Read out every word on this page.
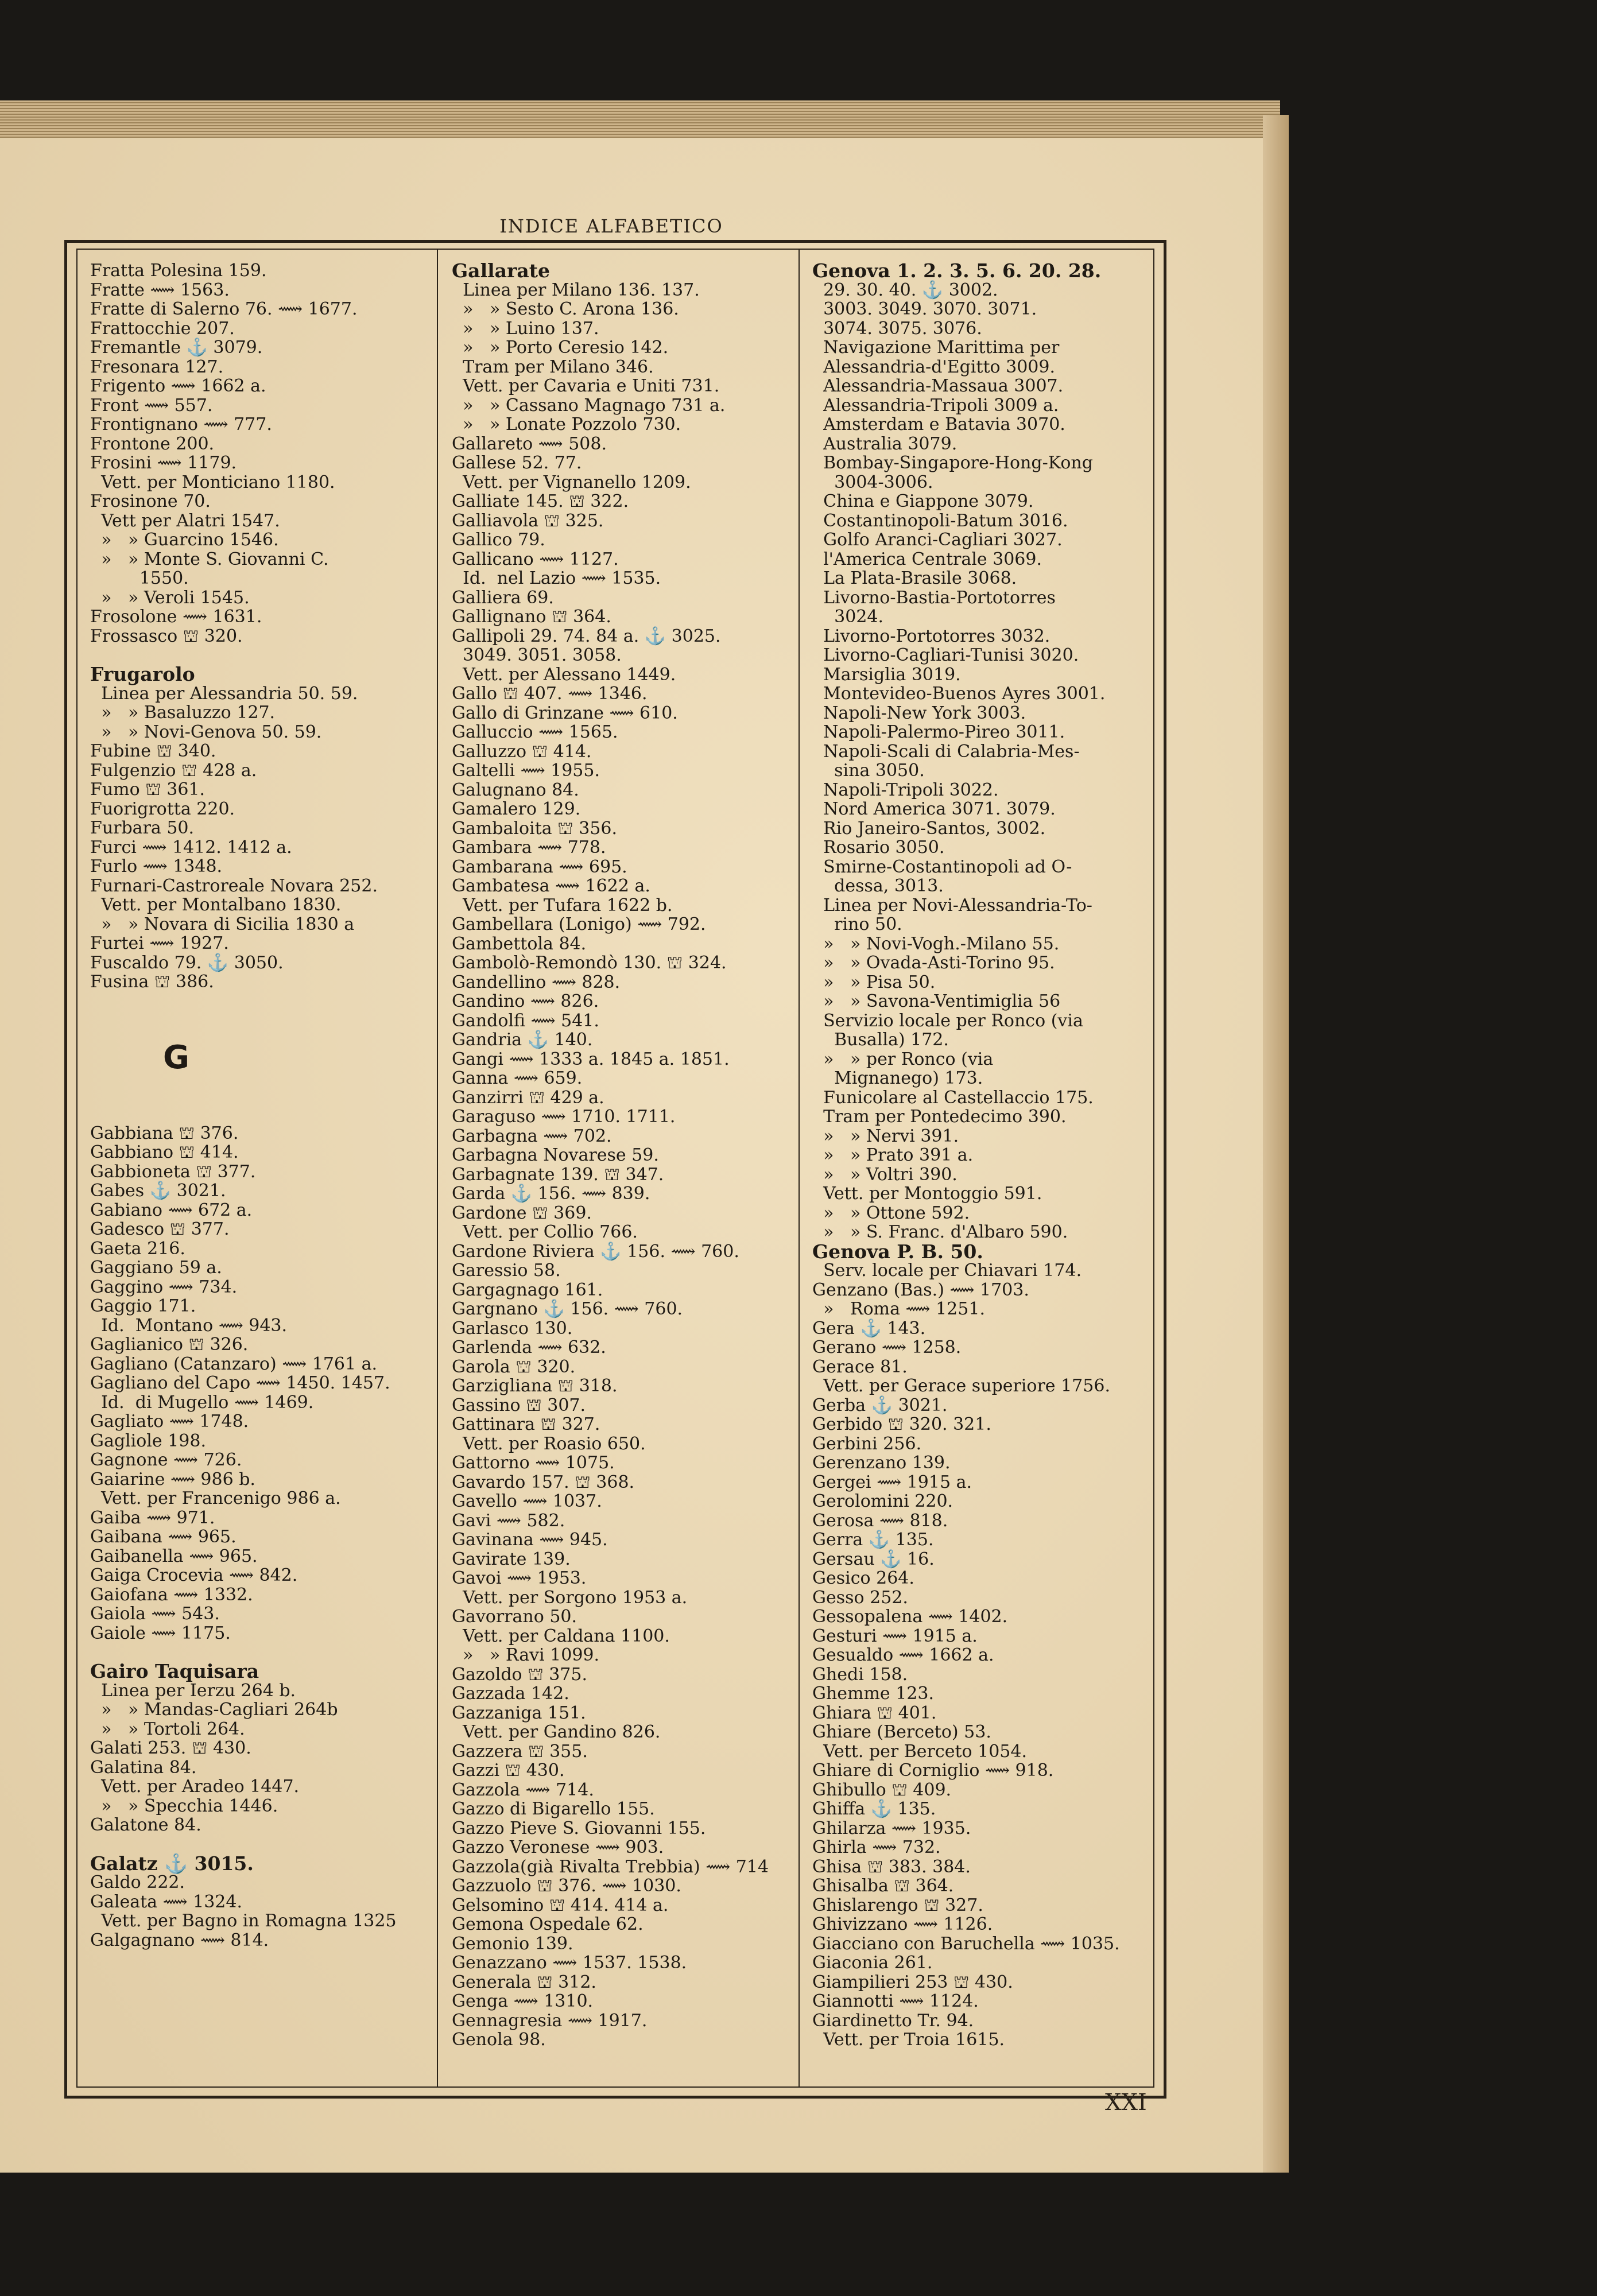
INDICE ALFABETICO
Fratta Polesina 159.
Fratte ⟿ 1563.
Fratte di Salerno 76. ⟿ 1677.
Frattocchie 207.
Fremantle ⚓ 3079.
Fresonara 127.
Frigento ⟿ 1662 a.
Front ⟿ 557.
Frontignano ⟿ 777.
Frontone 200.
Frosini ⟿ 1179.
Vett. per Monticiano 1180.
Frosinone 70.
Vett per Alatri 1547.
»   » Guarcino 1546.
»   » Monte S. Giovanni C.
1550.
»   » Veroli 1545.
Frosolone ⟿ 1631.
Frossasco ⛫ 320.
Frugarolo
Linea per Alessandria 50. 59.
»   » Basaluzzo 127.
»   » Novi-Genova 50. 59.
Fubine ⛫ 340.
Fulgenzio ⛫ 428 a.
Fumo ⛫ 361.
Fuorigrotta 220.
Furbara 50.
Furci ⟿ 1412. 1412 a.
Furlo ⟿ 1348.
Furnari-Castroreale Novara 252.
Vett. per Montalbano 1830.
»   » Novara di Sicilia 1830 a
Furtei ⟿ 1927.
Fuscaldo 79. ⚓ 3050.
Fusina ⛫ 386.
G
Gabbiana ⛫ 376.
Gabbiano ⛫ 414.
Gabbioneta ⛫ 377.
Gabes ⚓ 3021.
Gabiano ⟿ 672 a.
Gadesco ⛫ 377.
Gaeta 216.
Gaggiano 59 a.
Gaggino ⟿ 734.
Gaggio 171.
Id.  Montano ⟿ 943.
Gaglianico ⛫ 326.
Gagliano (Catanzaro) ⟿ 1761 a.
Gagliano del Capo ⟿ 1450. 1457.
Id.  di Mugello ⟿ 1469.
Gagliato ⟿ 1748.
Gagliole 198.
Gagnone ⟿ 726.
Gaiarine ⟿ 986 b.
Vett. per Francenigo 986 a.
Gaiba ⟿ 971.
Gaibana ⟿ 965.
Gaibanella ⟿ 965.
Gaiga Crocevia ⟿ 842.
Gaiofana ⟿ 1332.
Gaiola ⟿ 543.
Gaiole ⟿ 1175.
Gairo Taquisara
Linea per Ierzu 264 b.
»   » Mandas-Cagliari 264b
»   » Tortoli 264.
Galati 253. ⛫ 430.
Galatina 84.
Vett. per Aradeo 1447.
»   » Specchia 1446.
Galatone 84.
Galatz ⚓ 3015.
Galdo 222.
Galeata ⟿ 1324.
Vett. per Bagno in Romagna 1325
Galgagnano ⟿ 814.
Gallarate
Linea per Milano 136. 137.
»   » Sesto C. Arona 136.
»   » Luino 137.
»   » Porto Ceresio 142.
Tram per Milano 346.
Vett. per Cavaria e Uniti 731.
»   » Cassano Magnago 731 a.
»   » Lonate Pozzolo 730.
Gallareto ⟿ 508.
Gallese 52. 77.
Vett. per Vignanello 1209.
Galliate 145. ⛫ 322.
Galliavola ⛫ 325.
Gallico 79.
Gallicano ⟿ 1127.
Id.  nel Lazio ⟿ 1535.
Galliera 69.
Gallignano ⛫ 364.
Gallipoli 29. 74. 84 a. ⚓ 3025.
3049. 3051. 3058.
Vett. per Alessano 1449.
Gallo ⛫ 407. ⟿ 1346.
Gallo di Grinzane ⟿ 610.
Galluccio ⟿ 1565.
Galluzzo ⛫ 414.
Galtelli ⟿ 1955.
Galugnano 84.
Gamalero 129.
Gambaloita ⛫ 356.
Gambara ⟿ 778.
Gambarana ⟿ 695.
Gambatesa ⟿ 1622 a.
Vett. per Tufara 1622 b.
Gambellara (Lonigo) ⟿ 792.
Gambettola 84.
Gambolò-Remondò 130. ⛫ 324.
Gandellino ⟿ 828.
Gandino ⟿ 826.
Gandolfi ⟿ 541.
Gandria ⚓ 140.
Gangi ⟿ 1333 a. 1845 a. 1851.
Ganna ⟿ 659.
Ganzirri ⛫ 429 a.
Garaguso ⟿ 1710. 1711.
Garbagna ⟿ 702.
Garbagna Novarese 59.
Garbagnate 139. ⛫ 347.
Garda ⚓ 156. ⟿ 839.
Gardone ⛫ 369.
Vett. per Collio 766.
Gardone Riviera ⚓ 156. ⟿ 760.
Garessio 58.
Gargagnago 161.
Gargnano ⚓ 156. ⟿ 760.
Garlasco 130.
Garlenda ⟿ 632.
Garola ⛫ 320.
Garzigliana ⛫ 318.
Gassino ⛫ 307.
Gattinara ⛫ 327.
Vett. per Roasio 650.
Gattorno ⟿ 1075.
Gavardo 157. ⛫ 368.
Gavello ⟿ 1037.
Gavi ⟿ 582.
Gavinana ⟿ 945.
Gavirate 139.
Gavoi ⟿ 1953.
Vett. per Sorgono 1953 a.
Gavorrano 50.
Vett. per Caldana 1100.
»   » Ravi 1099.
Gazoldo ⛫ 375.
Gazzada 142.
Gazzaniga 151.
Vett. per Gandino 826.
Gazzera ⛫ 355.
Gazzi ⛫ 430.
Gazzola ⟿ 714.
Gazzo di Bigarello 155.
Gazzo Pieve S. Giovanni 155.
Gazzo Veronese ⟿ 903.
Gazzola(già Rivalta Trebbia) ⟿ 714
Gazzuolo ⛫ 376. ⟿ 1030.
Gelsomino ⛫ 414. 414 a.
Gemona Ospedale 62.
Gemonio 139.
Genazzano ⟿ 1537. 1538.
Generala ⛫ 312.
Genga ⟿ 1310.
Gennagresia ⟿ 1917.
Genola 98.
Genova 1. 2. 3. 5. 6. 20. 28.
29. 30. 40. ⚓ 3002.
3003. 3049. 3070. 3071.
3074. 3075. 3076.
Navigazione Marittima per
Alessandria-d'Egitto 3009.
Alessandria-Massaua 3007.
Alessandria-Tripoli 3009 a.
Amsterdam e Batavia 3070.
Australia 3079.
Bombay-Singapore-Hong-Kong
3004-3006.
China e Giappone 3079.
Costantinopoli-Batum 3016.
Golfo Aranci-Cagliari 3027.
l'America Centrale 3069.
La Plata-Brasile 3068.
Livorno-Bastia-Portotorres
3024.
Livorno-Portotorres 3032.
Livorno-Cagliari-Tunisi 3020.
Marsiglia 3019.
Montevideo-Buenos Ayres 3001.
Napoli-New York 3003.
Napoli-Palermo-Pireo 3011.
Napoli-Scali di Calabria-Mes-
sina 3050.
Napoli-Tripoli 3022.
Nord America 3071. 3079.
Rio Janeiro-Santos, 3002.
Rosario 3050.
Smirne-Costantinopoli ad O-
dessa, 3013.
Linea per Novi-Alessandria-To-
rino 50.
»   » Novi-Vogh.-Milano 55.
»   » Ovada-Asti-Torino 95.
»   » Pisa 50.
»   » Savona-Ventimiglia 56
Servizio locale per Ronco (via
Busalla) 172.
»   » per Ronco (via
Mignanego) 173.
Funicolare al Castellaccio 175.
Tram per Pontedecimo 390.
»   » Nervi 391.
»   » Prato 391 a.
»   » Voltri 390.
Vett. per Montoggio 591.
»   » Ottone 592.
»   » S. Franc. d'Albaro 590.
Genova P. B. 50.
Serv. locale per Chiavari 174.
Genzano (Bas.) ⟿ 1703.
»   Roma ⟿ 1251.
Gera ⚓ 143.
Gerano ⟿ 1258.
Gerace 81.
Vett. per Gerace superiore 1756.
Gerba ⚓ 3021.
Gerbido ⛫ 320. 321.
Gerbini 256.
Gerenzano 139.
Gergei ⟿ 1915 a.
Gerolomini 220.
Gerosa ⟿ 818.
Gerra ⚓ 135.
Gersau ⚓ 16.
Gesico 264.
Gesso 252.
Gessopalena ⟿ 1402.
Gesturi ⟿ 1915 a.
Gesualdo ⟿ 1662 a.
Ghedi 158.
Ghemme 123.
Ghiara ⛫ 401.
Ghiare (Berceto) 53.
Vett. per Berceto 1054.
Ghiare di Corniglio ⟿ 918.
Ghibullo ⛫ 409.
Ghiffa ⚓ 135.
Ghilarza ⟿ 1935.
Ghirla ⟿ 732.
Ghisa ⛫ 383. 384.
Ghisalba ⛫ 364.
Ghislarengo ⛫ 327.
Ghivizzano ⟿ 1126.
Giacciano con Baruchella ⟿ 1035.
Giaconia 261.
Giampilieri 253 ⛫ 430.
Giannotti ⟿ 1124.
Giardinetto Tr. 94.
Vett. per Troia 1615.
XXI
